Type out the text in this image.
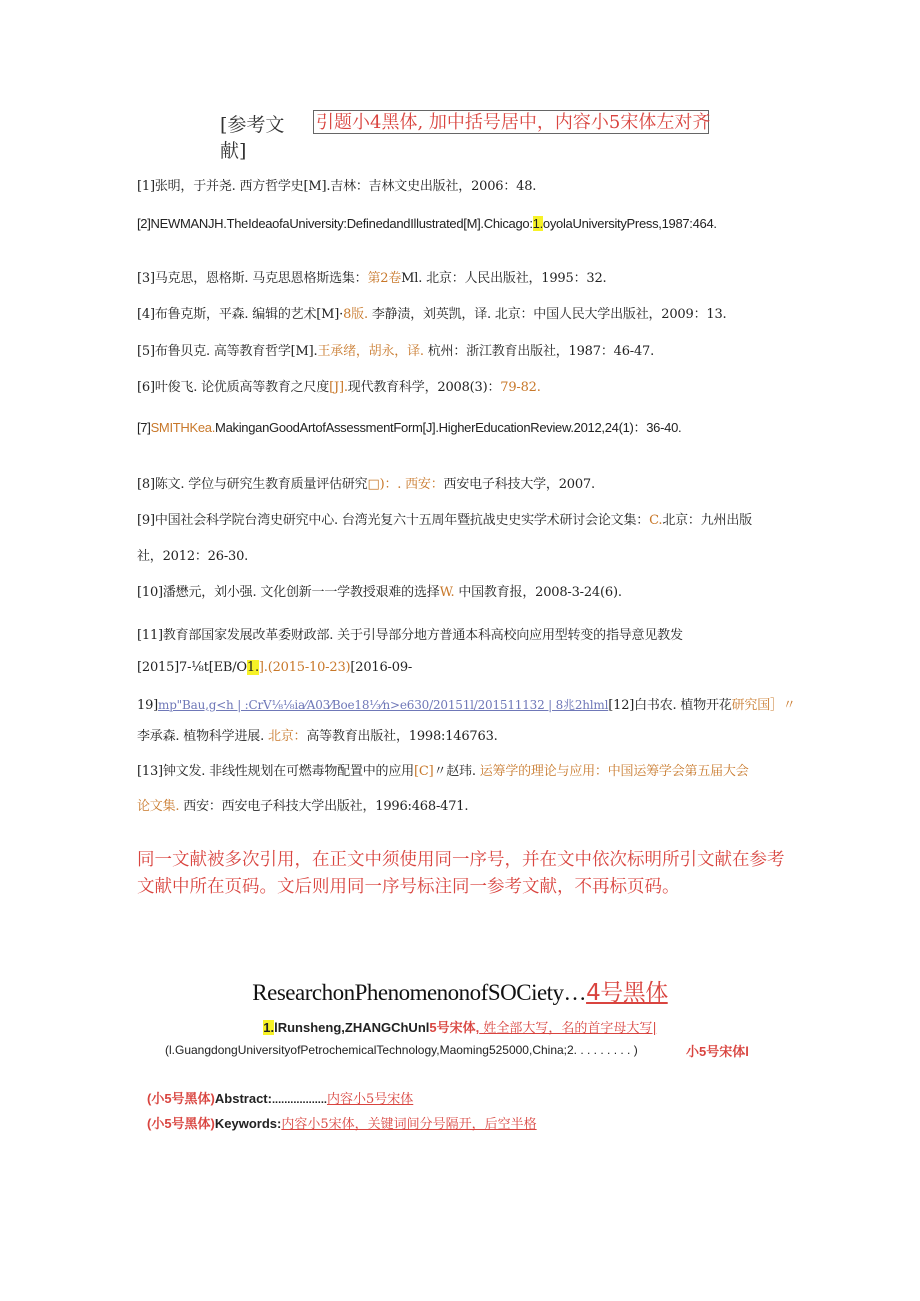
[参考文
献]
引题小4黑体, 加中括号居中，内容小5宋体左对齐
[1]张明，于并尧. 西方哲学史[M].吉林：吉林文史出版社，2006：48.
[2]NEWMANJH.TheIdeaofaUniversity:DefinedandIllustrated[M].Chicago:1.oyolaUniversityPress,1987:464.
[3]马克思，恩格斯. 马克思恩格斯选集：第2卷Ml. 北京：人民出版社，1995：32.
[4]布鲁克斯，平森. 编辑的艺术[M]·8版. 李静渍，刘英凯，译. 北京：中国人民大学出版社，2009：13.
[5]布鲁贝克. 高等教育哲学[M].王承绪，胡永，译. 杭州：浙江教育出版社，1987：46-47.
[6]叶俊飞. 论优质高等教育之尺度[J].现代教育科学，2008(3)：79-82.
[7]SMITHKea.MakinganGoodArtofAssessmentForm[J].HigherEducationReview.2012,24(1)：36-40.
[8]陈文. 学位与研究生教育质量评估研究□)：. 西安：西安电子科技大学，2007.
[9]中国社会科学院台湾史研究中心. 台湾光复六十五周年暨抗战史史实学术研讨会论文集：C.北京：九州出版
社，2012：26-30.
[10]潘懋元，刘小强. 文化创新一一学教授艰难的选择W. 中国教育报，2008-3-24(6).
[11]教育部国家发展改革委财政部. 关于引导部分地方普通本科高校向应用型转变的指导意见教发
[2015]7-⅛t[EB/O1.].(2015-10-23)[2016-09-
19]mp"Bau,g<h | :CrV⅛⅛ia⁄A03⁄Boe18⅓⁄n>e630/20151l/201511132 | 8兆2hlml[12]白书农. 植物开花研究国］〃
李承森. 植物科学进展. 北京：高等教育出版社，1998:146763.
[13]钟文发. 非线性规划在可燃毒物配置中的应用[C]〃赵玮. 运筹学的理论与应用：中国运筹学会第五届大会
论文集. 西安：西安电子科技大学出版社，1996:468-471.
同一文献被多次引用，在正文中须使用同一序号，并在文中依次标明所引文献在参考文献中所在页码。文后则用同一序号标注同一参考文献，不再标页码。
ResearchonPhenomenonofSOCiety…4号黑体
1.lRunsheng,ZHANGChUnl5号宋体, 姓全部大写，名的首字母大写|
(l.GuangdongUniversityofPetrochemicalTechnology,Maoming525000,China;2. . . . . . . . . )	小5号宋体l
(小5号黑体)Abstract:..................内容小5号宋体
(小5号黑体)Keywords:内容小5宋体，关键词间分号隔开，后空半格
